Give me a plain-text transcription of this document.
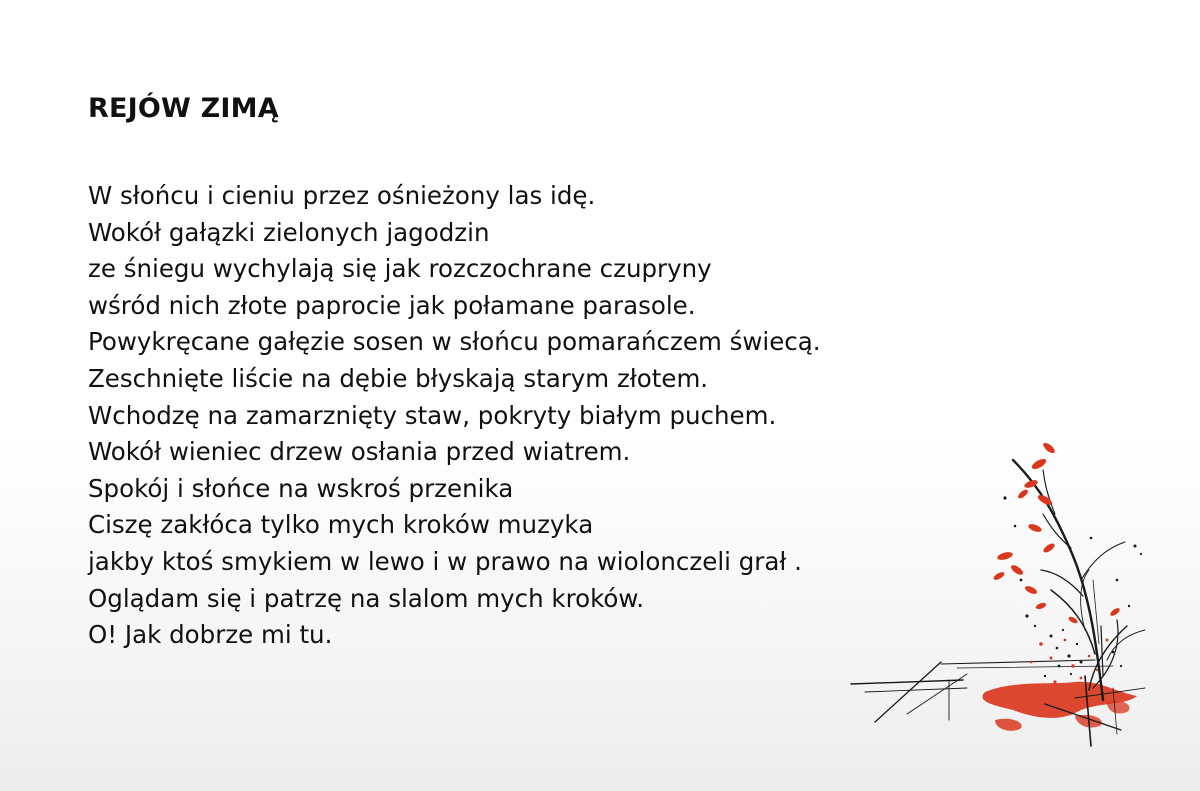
REJÓW ZIMĄ
W słońcu i cieniu przez ośnieżony las idę.
Wokół gałązki zielonych jagodzin
ze śniegu wychylają się jak rozczochrane czupryny
wśród nich złote paprocie jak połamane parasole.
Powykręcane gałęzie sosen w słońcu pomarańczem świecą.
Zeschnięte liście na dębie błyskają starym złotem.
Wchodzę na zamarznięty staw, pokryty białym puchem.
Wokół wieniec drzew osłania przed wiatrem.
Spokój i słońce na wskroś przenika
Ciszę zakłóca tylko mych kroków muzyka
jakby ktoś smykiem w lewo i w prawo na wiolonczeli grał .
Oglądam się i patrzę na slalom mych kroków.
O! Jak dobrze mi tu.
